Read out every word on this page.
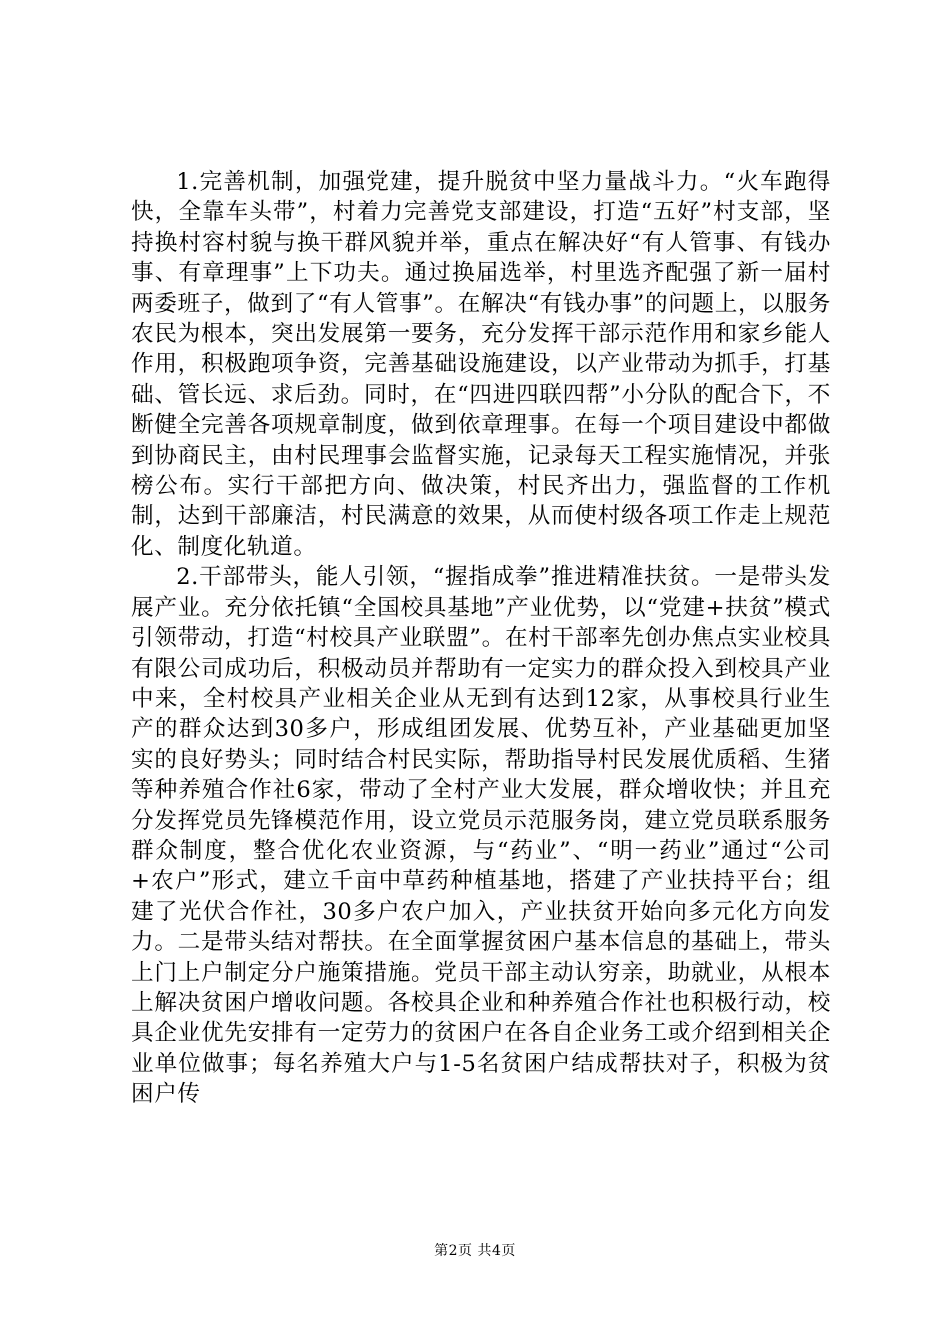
1.完善机制，加强党建，提升脱贫中坚力量战斗力。“火车跑得快，全靠车头带”，村着力完善党支部建设，打造“五好”村支部，坚持换村容村貌与换干群风貌并举，重点在解决好“有人管事、有钱办事、有章理事”上下功夫。通过换届选举，村里选齐配强了新一届村两委班子，做到了“有人管事”。在解决“有钱办事”的问题上，以服务农民为根本，突出发展第一要务，充分发挥干部示范作用和家乡能人作用，积极跑项争资，完善基础设施建设，以产业带动为抓手，打基础、管长远、求后劲。同时，在“四进四联四帮”小分队的配合下，不断健全完善各项规章制度，做到依章理事。在每一个项目建设中都做到协商民主，由村民理事会监督实施，记录每天工程实施情况，并张榜公布。实行干部把方向、做决策，村民齐出力，强监督的工作机制，达到干部廉洁，村民满意的效果，从而使村级各项工作走上规范化、制度化轨道。

2.干部带头，能人引领，“握指成拳”推进精准扶贫。一是带头发展产业。充分依托镇“全国校具基地”产业优势，以“党建+扶贫”模式引领带动，打造“村校具产业联盟”。在村干部率先创办焦点实业校具有限公司成功后，积极动员并帮助有一定实力的群众投入到校具产业中来，全村校具产业相关企业从无到有达到12家，从事校具行业生产的群众达到30多户，形成组团发展、优势互补，产业基础更加坚实的良好势头；同时结合村民实际，帮助指导村民发展优质稻、生猪等种养殖合作社6家，带动了全村产业大发展，群众增收快；并且充分发挥党员先锋模范作用，设立党员示范服务岗，建立党员联系服务群众制度，整合优化农业资源，与“药业”、“明一药业”通过“公司+农户”形式，建立千亩中草药种植基地，搭建了产业扶持平台；组建了光伏合作社，30多户农户加入，产业扶贫开始向多元化方向发力。二是带头结对帮扶。在全面掌握贫困户基本信息的基础上，带头上门上户制定分户施策措施。党员干部主动认穷亲，助就业，从根本上解决贫困户增收问题。各校具企业和种养殖合作社也积极行动，校具企业优先安排有一定劳力的贫困户在各自企业务工或介绍到相关企业单位做事；每名养殖大户与1-5名贫困户结成帮扶对子，积极为贫困户传

第2页 共4页
